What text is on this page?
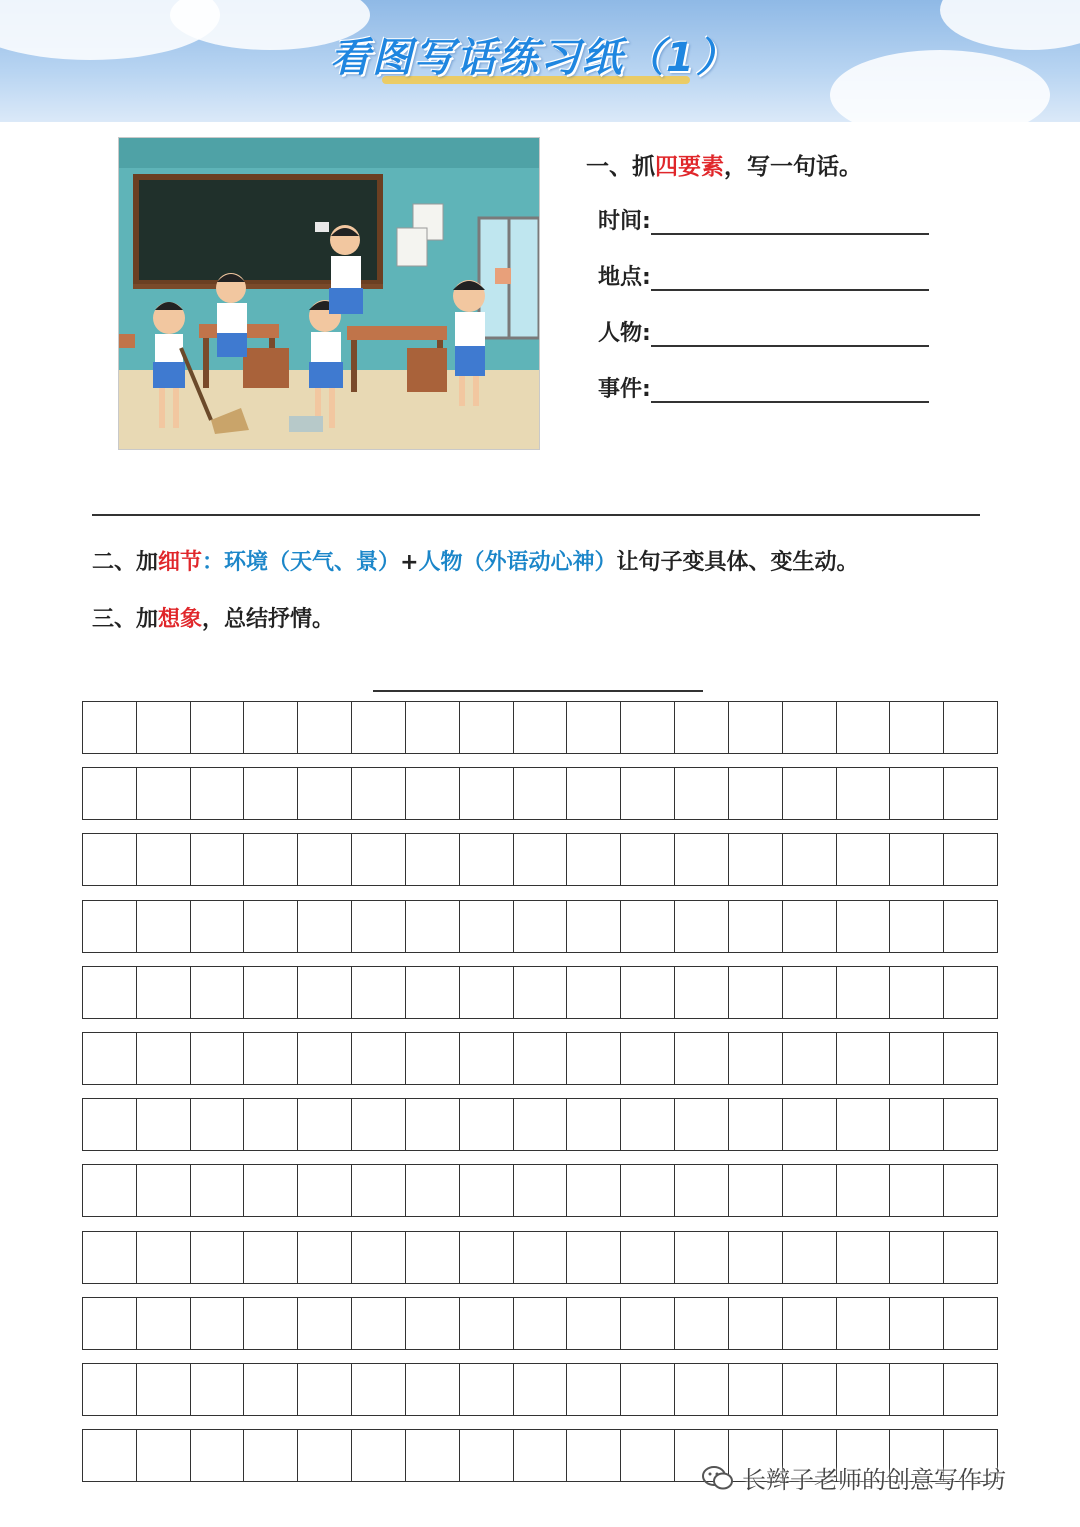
看图写话练习纸（1）
一、抓四要素，写一句话。
时间:
地点:
人物:
事件:
二、加细节：环境（天气、景）+人物（外语动心神）让句子变具体、变生动。
三、加想象，总结抒情。
长辫子老师的创意写作坊
